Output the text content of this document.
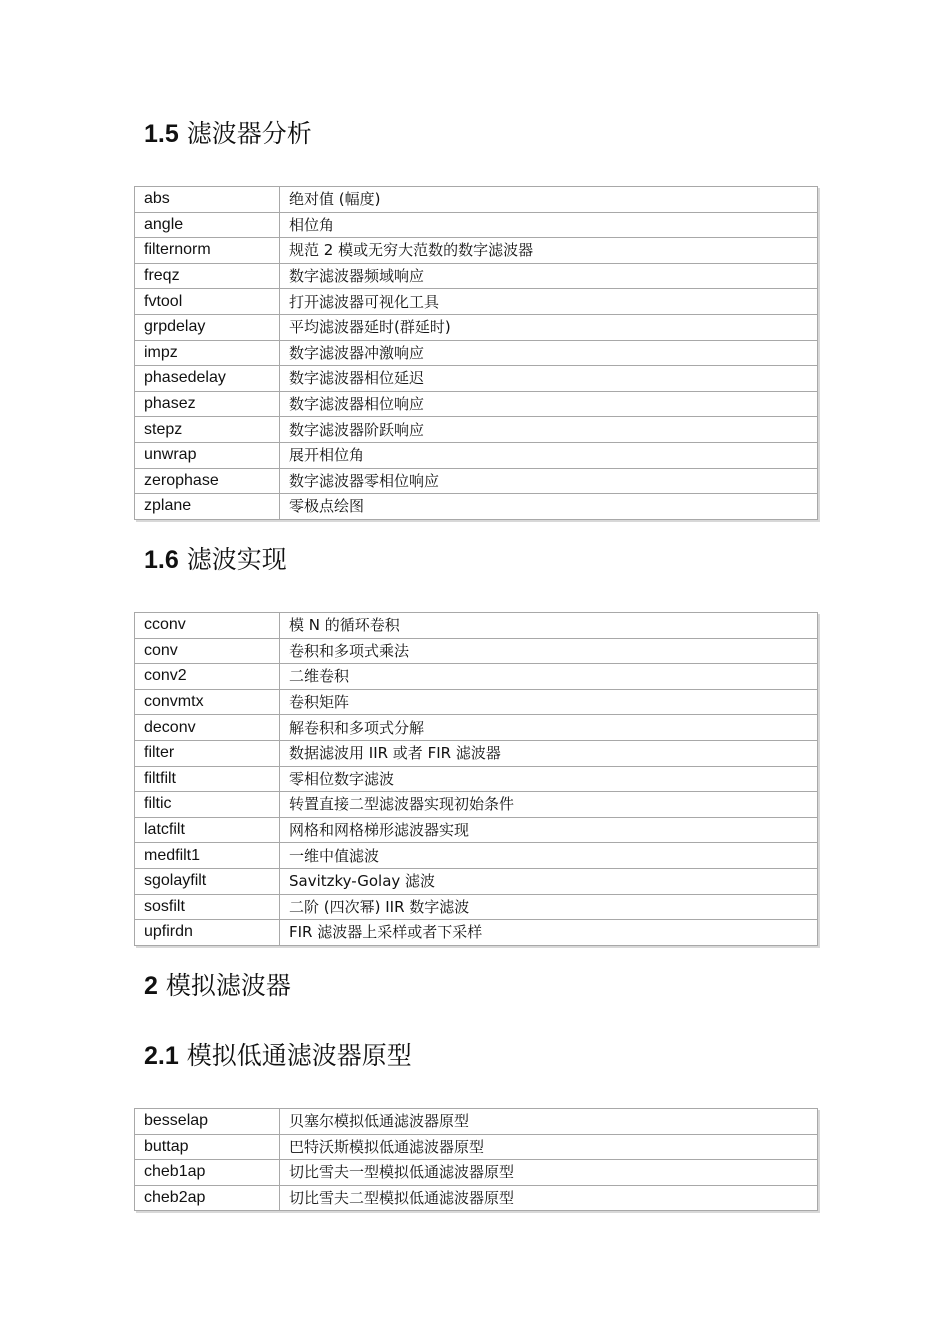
1.5 滤波器分析
abs	绝对值 (幅度)
angle	相位角
filternorm	规范 2 模或无穷大范数的数字滤波器
freqz	数字滤波器频域响应
fvtool	打开滤波器可视化工具
grpdelay	平均滤波器延时(群延时)
impz	数字滤波器冲激响应
phasedelay	数字滤波器相位延迟
phasez	数字滤波器相位响应
stepz	数字滤波器阶跃响应
unwrap	展开相位角
zerophase	数字滤波器零相位响应
zplane	零极点绘图
1.6 滤波实现
cconv	模 N 的循环卷积
conv	卷积和多项式乘法
conv2	二维卷积
convmtx	卷积矩阵
deconv	解卷积和多项式分解
filter	数据滤波用 IIR 或者 FIR 滤波器
filtfilt	零相位数字滤波
filtic	转置直接二型滤波器实现初始条件
latcfilt	网格和网格梯形滤波器实现
medfilt1	一维中值滤波
sgolayfilt	Savitzky-Golay 滤波
sosfilt	二阶 (四次幂) IIR 数字滤波
upfirdn	FIR 滤波器上采样或者下采样
2 模拟滤波器
2.1 模拟低通滤波器原型
besselap	贝塞尔模拟低通滤波器原型
buttap	巴特沃斯模拟低通滤波器原型
cheb1ap	切比雪夫一型模拟低通滤波器原型
cheb2ap	切比雪夫二型模拟低通滤波器原型
